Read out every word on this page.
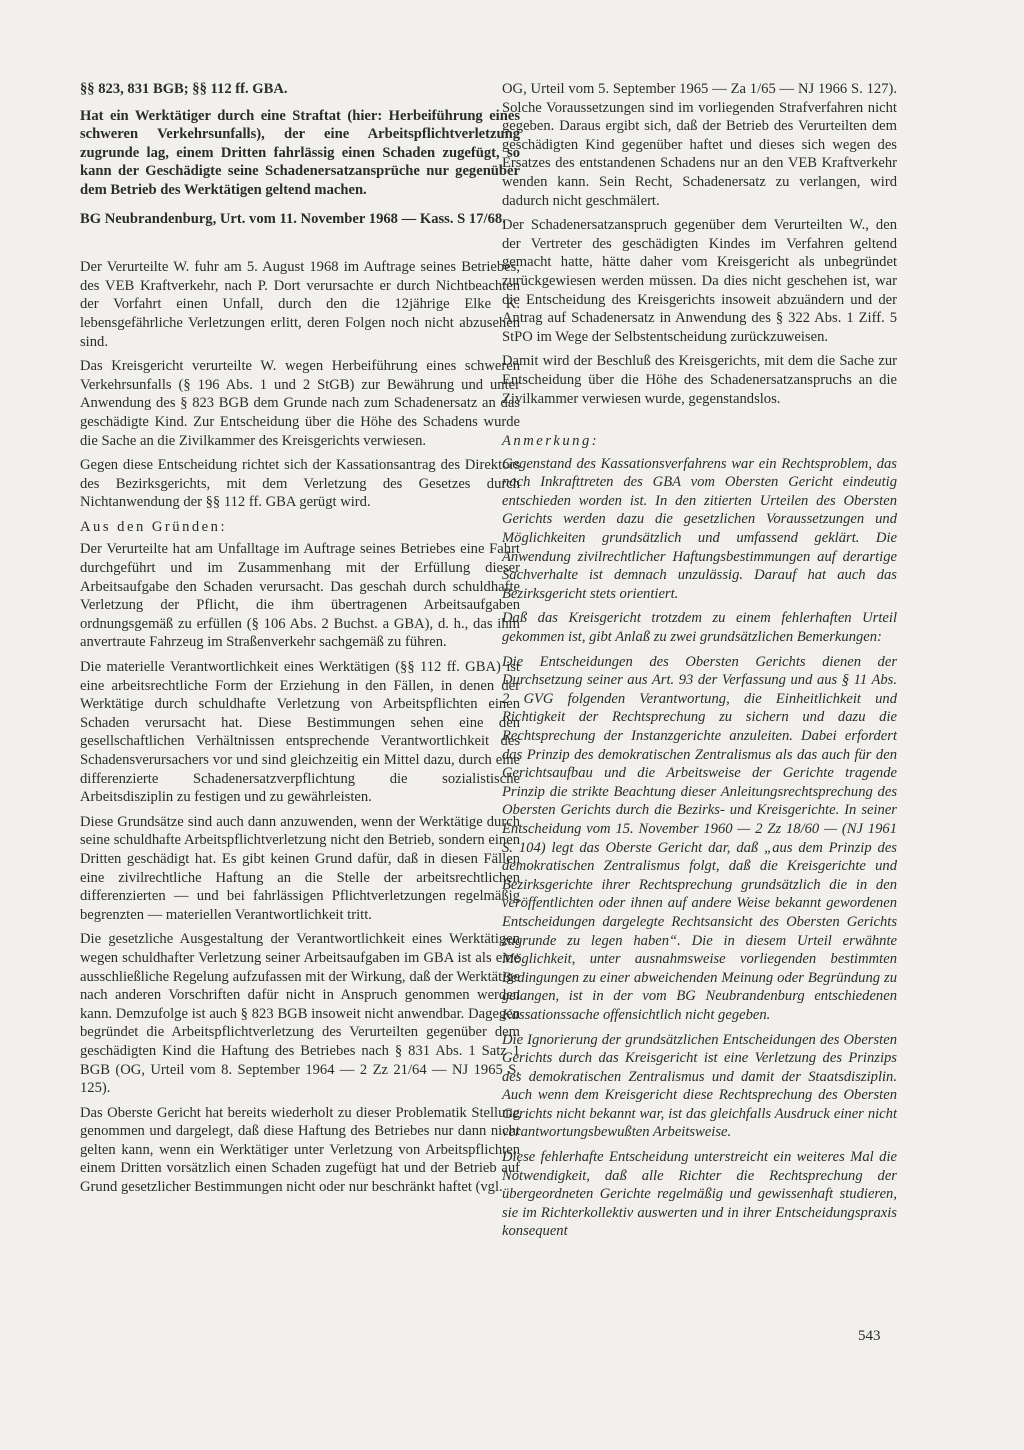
§§ 823, 831 BGB; §§ 112 ff. GBA.

Hat ein Werktätiger durch eine Straftat (hier: Herbeiführung eines schweren Verkehrsunfalls), der eine Arbeitspflichtverletzung zugrunde lag, einem Dritten fahrlässig einen Schaden zugefügt, so kann der Geschädigte seine Schadenersatzansprüche nur gegenüber dem Betrieb des Werktätigen geltend machen.

BG Neubrandenburg, Urt. vom 11. November 1968 — Kass. S 17/68.

Der Verurteilte W. fuhr am 5. August 1968 im Auftrage seines Betriebes, des VEB Kraftverkehr, nach P. Dort verursachte er durch Nichtbeachten der Vorfahrt einen Unfall, durch den die 12jährige Elke K. lebensgefährliche Verletzungen erlitt, deren Folgen noch nicht abzusehen sind.

Das Kreisgericht verurteilte W. wegen Herbeiführung eines schweren Verkehrsunfalls (§ 196 Abs. 1 und 2 StGB) zur Bewährung und unter Anwendung des § 823 BGB dem Grunde nach zum Schadenersatz an das geschädigte Kind. Zur Entscheidung über die Höhe des Schadens wurde die Sache an die Zivilkammer des Kreisgerichts verwiesen.

Gegen diese Entscheidung richtet sich der Kassationsantrag des Direktors des Bezirksgerichts, mit dem Verletzung des Gesetzes durch Nichtanwendung der §§ 112 ff. GBA gerügt wird.

Aus den Gründen:

Der Verurteilte hat am Unfalltage im Auftrage seines Betriebes eine Fahrt durchgeführt und im Zusammenhang mit der Erfüllung dieser Arbeitsaufgabe den Schaden verursacht. Das geschah durch schuldhafte Verletzung der Pflicht, die ihm übertragenen Arbeitsaufgaben ordnungsgemäß zu erfüllen (§ 106 Abs. 2 Buchst. a GBA), d. h., das ihm anvertraute Fahrzeug im Straßenverkehr sachgemäß zu führen.

Die materielle Verantwortlichkeit eines Werktätigen (§§ 112 ff. GBA) ist eine arbeitsrechtliche Form der Erziehung in den Fällen, in denen der Werktätige durch schuldhafte Verletzung von Arbeitspflichten einen Schaden verursacht hat. Diese Bestimmungen sehen eine den gesellschaftlichen Verhältnissen entsprechende Verantwortlichkeit des Schadensverursachers vor und sind gleichzeitig ein Mittel dazu, durch eine differenzierte Schadenersatzverpflichtung die sozialistische Arbeitsdisziplin zu festigen und zu gewährleisten.

Diese Grundsätze sind auch dann anzuwenden, wenn der Werktätige durch seine schuldhafte Arbeitspflichtverletzung nicht den Betrieb, sondern einen Dritten geschädigt hat. Es gibt keinen Grund dafür, daß in diesen Fällen eine zivilrechtliche Haftung an die Stelle der arbeitsrechtlichen differenzierten — und bei fahrlässigen Pflichtverletzungen regelmäßig begrenzten — materiellen Verantwortlichkeit tritt.

Die gesetzliche Ausgestaltung der Verantwortlichkeit eines Werktätigen wegen schuldhafter Verletzung seiner Arbeitsaufgaben im GBA ist als eine ausschließliche Regelung aufzufassen mit der Wirkung, daß der Werktätige nach anderen Vorschriften dafür nicht in Anspruch genommen werden kann. Demzufolge ist auch § 823 BGB insoweit nicht anwendbar. Dagegen begründet die Arbeitspflichtverletzung des Verurteilten gegenüber dem geschädigten Kind die Haftung des Betriebes nach § 831 Abs. 1 Satz 1 BGB (OG, Urteil vom 8. September 1964 — 2 Zz 21/64 — NJ 1965 S. 125).

Das Oberste Gericht hat bereits wiederholt zu dieser Problematik Stellung genommen und dargelegt, daß diese Haftung des Betriebes nur dann nicht gelten kann, wenn ein Werktätiger unter Verletzung von Arbeitspflichten einem Dritten vorsätzlich einen Schaden zugefügt hat und der Betrieb auf Grund gesetzlicher Bestimmungen nicht oder nur beschränkt haftet (vgl.

OG, Urteil vom 5. September 1965 — Za 1/65 — NJ 1966 S. 127). Solche Voraussetzungen sind im vorliegenden Strafverfahren nicht gegeben. Daraus ergibt sich, daß der Betrieb des Verurteilten dem geschädigten Kind gegenüber haftet und dieses sich wegen des Ersatzes des entstandenen Schadens nur an den VEB Kraftverkehr wenden kann. Sein Recht, Schadenersatz zu verlangen, wird dadurch nicht geschmälert.

Der Schadenersatzanspruch gegenüber dem Verurteilten W., den der Vertreter des geschädigten Kindes im Verfahren geltend gemacht hatte, hätte daher vom Kreisgericht als unbegründet zurückgewiesen werden müssen. Da dies nicht geschehen ist, war die Entscheidung des Kreisgerichts insoweit abzuändern und der Antrag auf Schadenersatz in Anwendung des § 322 Abs. 1 Ziff. 5 StPO im Wege der Selbstentscheidung zurückzuweisen.

Damit wird der Beschluß des Kreisgerichts, mit dem die Sache zur Entscheidung über die Höhe des Schadenersatzanspruchs an die Zivilkammer verwiesen wurde, gegenstandslos.

Anmerkung:

Gegenstand des Kassationsverfahrens war ein Rechtsproblem, das nach Inkrafttreten des GBA vom Obersten Gericht eindeutig entschieden worden ist. In den zitierten Urteilen des Obersten Gerichts werden dazu die gesetzlichen Voraussetzungen und Möglichkeiten grundsätzlich und umfassend geklärt. Die Anwendung zivilrechtlicher Haftungsbestimmungen auf derartige Sachverhalte ist demnach unzulässig. Darauf hat auch das Bezirksgericht stets orientiert.

Daß das Kreisgericht trotzdem zu einem fehlerhaften Urteil gekommen ist, gibt Anlaß zu zwei grundsätzlichen Bemerkungen:

Die Entscheidungen des Obersten Gerichts dienen der Durchsetzung seiner aus Art. 93 der Verfassung und aus § 11 Abs. 2 GVG folgenden Verantwortung, die Einheitlichkeit und Richtigkeit der Rechtsprechung zu sichern und dazu die Rechtsprechung der Instanzgerichte anzuleiten. Dabei erfordert das Prinzip des demokratischen Zentralismus als das auch für den Gerichtsaufbau und die Arbeitsweise der Gerichte tragende Prinzip die strikte Beachtung dieser Anleitungsrechtsprechung des Obersten Gerichts durch die Bezirks- und Kreisgerichte. In seiner Entscheidung vom 15. November 1960 — 2 Zz 18/60 — (NJ 1961 S. 104) legt das Oberste Gericht dar, daß „aus dem Prinzip des demokratischen Zentralismus folgt, daß die Kreisgerichte und Bezirksgerichte ihrer Rechtsprechung grundsätzlich die in den veröffentlichten oder ihnen auf andere Weise bekannt gewordenen Entscheidungen dargelegte Rechtsansicht des Obersten Gerichts zugrunde zu legen haben“. Die in diesem Urteil erwähnte Möglichkeit, unter ausnahmsweise vorliegenden bestimmten Bedingungen zu einer abweichenden Meinung oder Begründung zu gelangen, ist in der vom BG Neubrandenburg entschiedenen Kassationssache offensichtlich nicht gegeben.

Die Ignorierung der grundsätzlichen Entscheidungen des Obersten Gerichts durch das Kreisgericht ist eine Verletzung des Prinzips des demokratischen Zentralismus und damit der Staatsdisziplin. Auch wenn dem Kreisgericht diese Rechtsprechung des Obersten Gerichts nicht bekannt war, ist das gleichfalls Ausdruck einer nicht verantwortungsbewußten Arbeitsweise.

Diese fehlerhafte Entscheidung unterstreicht ein weiteres Mal die Notwendigkeit, daß alle Richter die Rechtsprechung der übergeordneten Gerichte regelmäßig und gewissenhaft studieren, sie im Richterkollektiv auswerten und in ihrer Entscheidungspraxis konsequent

543
